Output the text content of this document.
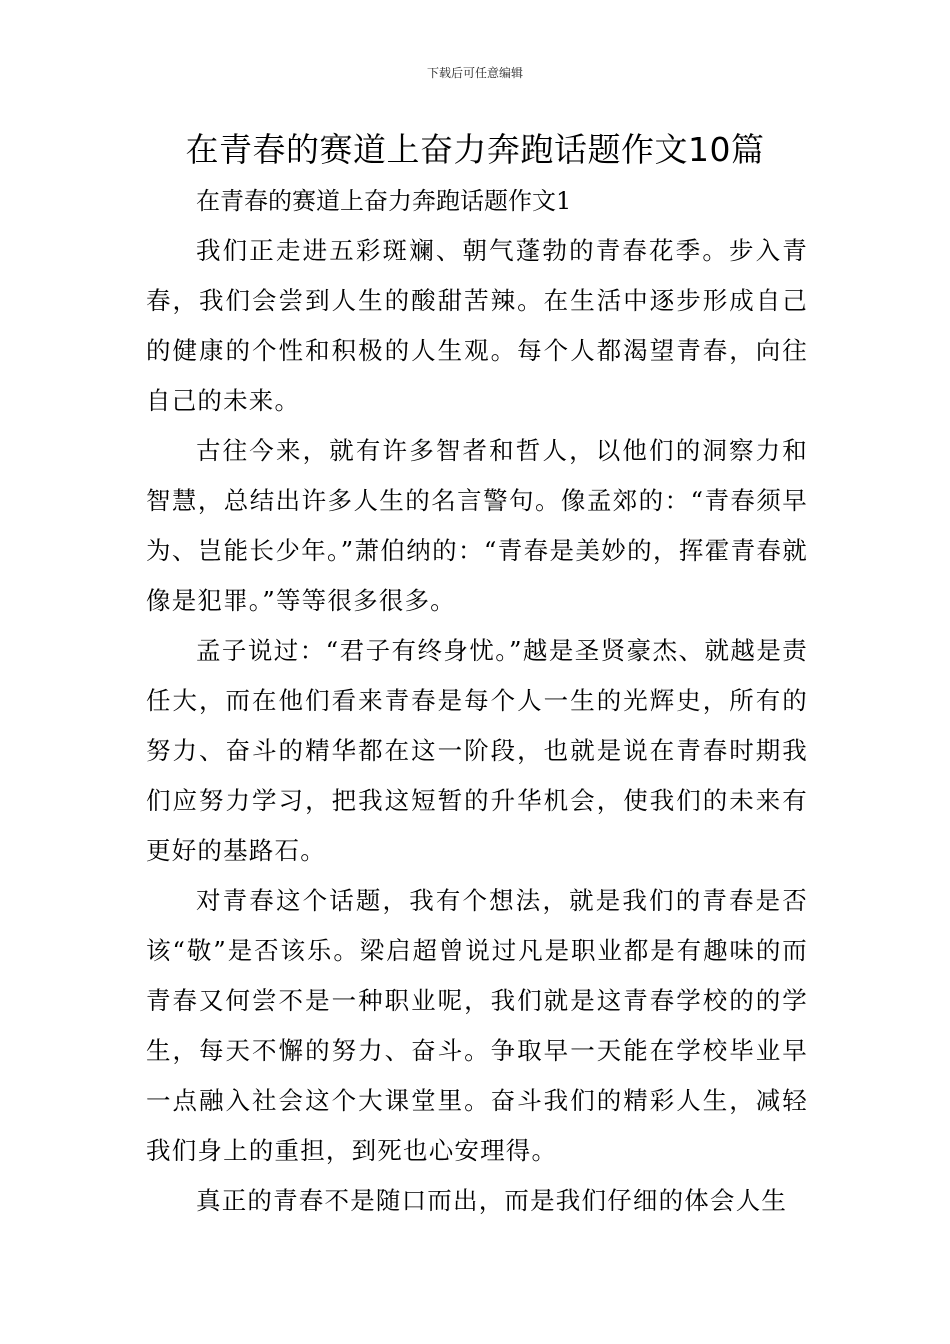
下载后可任意编辑
在青春的赛道上奋力奔跑话题作文10篇

在青春的赛道上奋力奔跑话题作文1

我们正走进五彩斑斓、朝气蓬勃的青春花季。步入青春，我们会尝到人生的酸甜苦辣。在生活中逐步形成自己的健康的个性和积极的人生观。每个人都渴望青春，向往自己的未来。

古往今来，就有许多智者和哲人，以他们的洞察力和智慧，总结出许多人生的名言警句。像孟郊的：“青春须早为、岂能长少年。”萧伯纳的：“青春是美妙的，挥霍青春就像是犯罪。”等等很多很多。

孟子说过：“君子有终身忧。”越是圣贤豪杰、就越是责任大，而在他们看来青春是每个人一生的光辉史，所有的努力、奋斗的精华都在这一阶段，也就是说在青春时期我们应努力学习，把我这短暂的升华机会，使我们的未来有更好的基路石。

对青春这个话题，我有个想法，就是我们的青春是否该“敬”是否该乐。梁启超曾说过凡是职业都是有趣味的而青春又何尝不是一种职业呢，我们就是这青春学校的的学生，每天不懈的努力、奋斗。争取早一天能在学校毕业早一点融入社会这个大课堂里。奋斗我们的精彩人生，减轻我们身上的重担，到死也心安理得。

真正的青春不是随口而出，而是我们仔细的体会人生
